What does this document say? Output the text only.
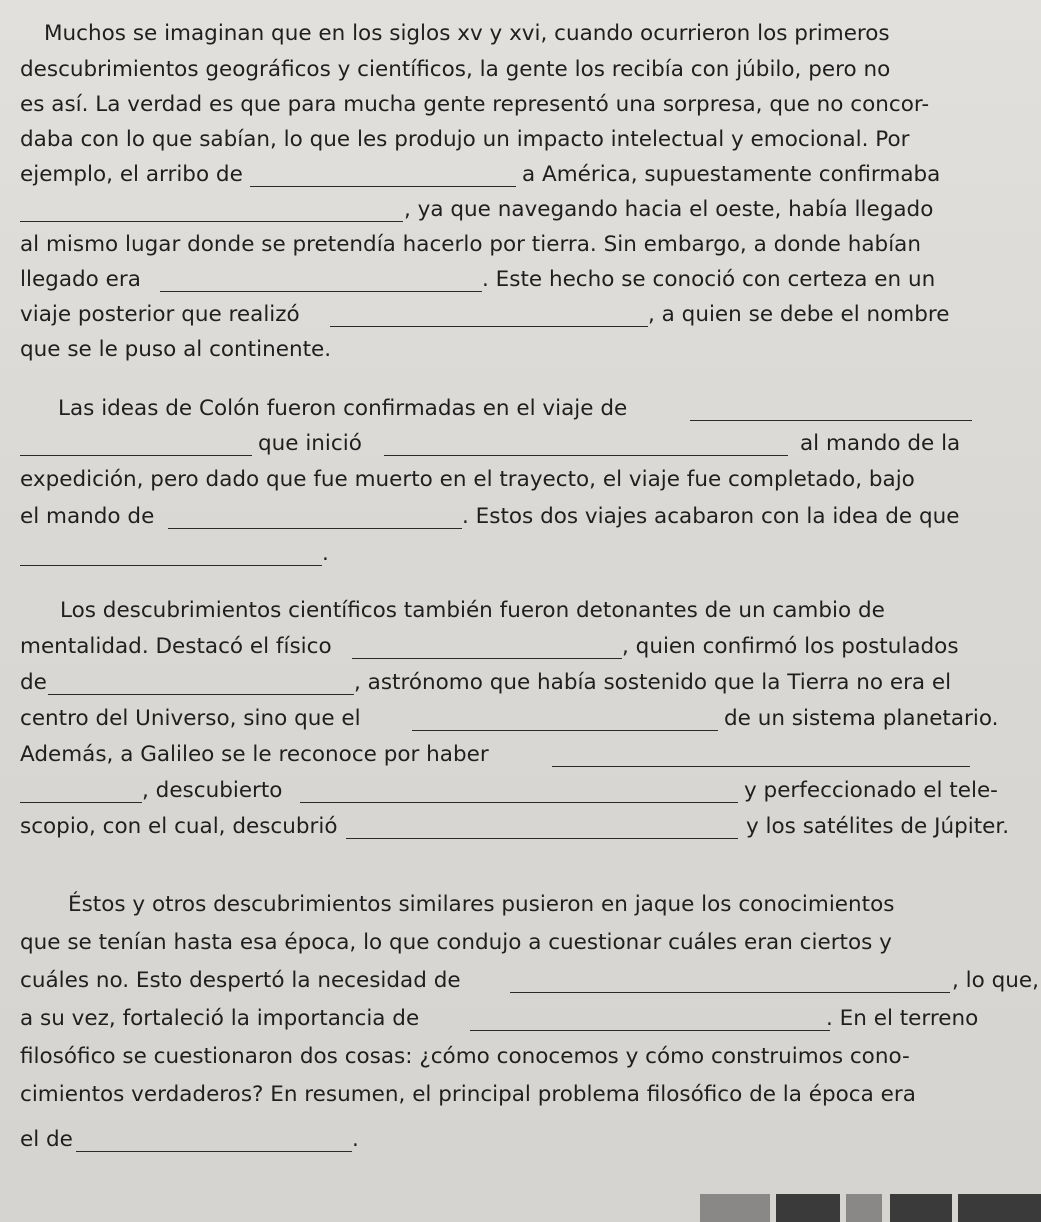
Muchos se imaginan que en los siglos xv y xvi, cuando ocurrieron los primeros
descubrimientos geográficos y científicos, la gente los recibía con júbilo, pero no
es así. La verdad es que para mucha gente representó una sorpresa, que no concor-
daba con lo que sabían, lo que les produjo un impacto intelectual y emocional. Por
ejemplo, el arribo de	a América, supuestamente confirmaba
, ya que navegando hacia el oeste, había llegado
al mismo lugar donde se pretendía hacerlo por tierra. Sin embargo, a donde habían
llegado era	. Este hecho se conoció con certeza en un
viaje posterior que realizó	, a quien se debe el nombre
que se le puso al continente.
Las ideas de Colón fueron confirmadas en el viaje de
que inició	al mando de la
expedición, pero dado que fue muerto en el trayecto, el viaje fue completado, bajo
el mando de	. Estos dos viajes acabaron con la idea de que
.
Los descubrimientos científicos también fueron detonantes de un cambio de
mentalidad. Destacó el físico	, quien confirmó los postulados
de	, astrónomo que había sostenido que la Tierra no era el
centro del Universo, sino que el	de un sistema planetario.
Además, a Galileo se le reconoce por haber
, descubierto	y perfeccionado el tele-
scopio, con el cual, descubrió	y los satélites de Júpiter.
Éstos y otros descubrimientos similares pusieron en jaque los conocimientos
que se tenían hasta esa época, lo que condujo a cuestionar cuáles eran ciertos y
cuáles no. Esto despertó la necesidad de	, lo que,
a su vez, fortaleció la importancia de	. En el terreno
filosófico se cuestionaron dos cosas: ¿cómo conocemos y cómo construimos cono-
cimientos verdaderos? En resumen, el principal problema filosófico de la época era
el de	.
